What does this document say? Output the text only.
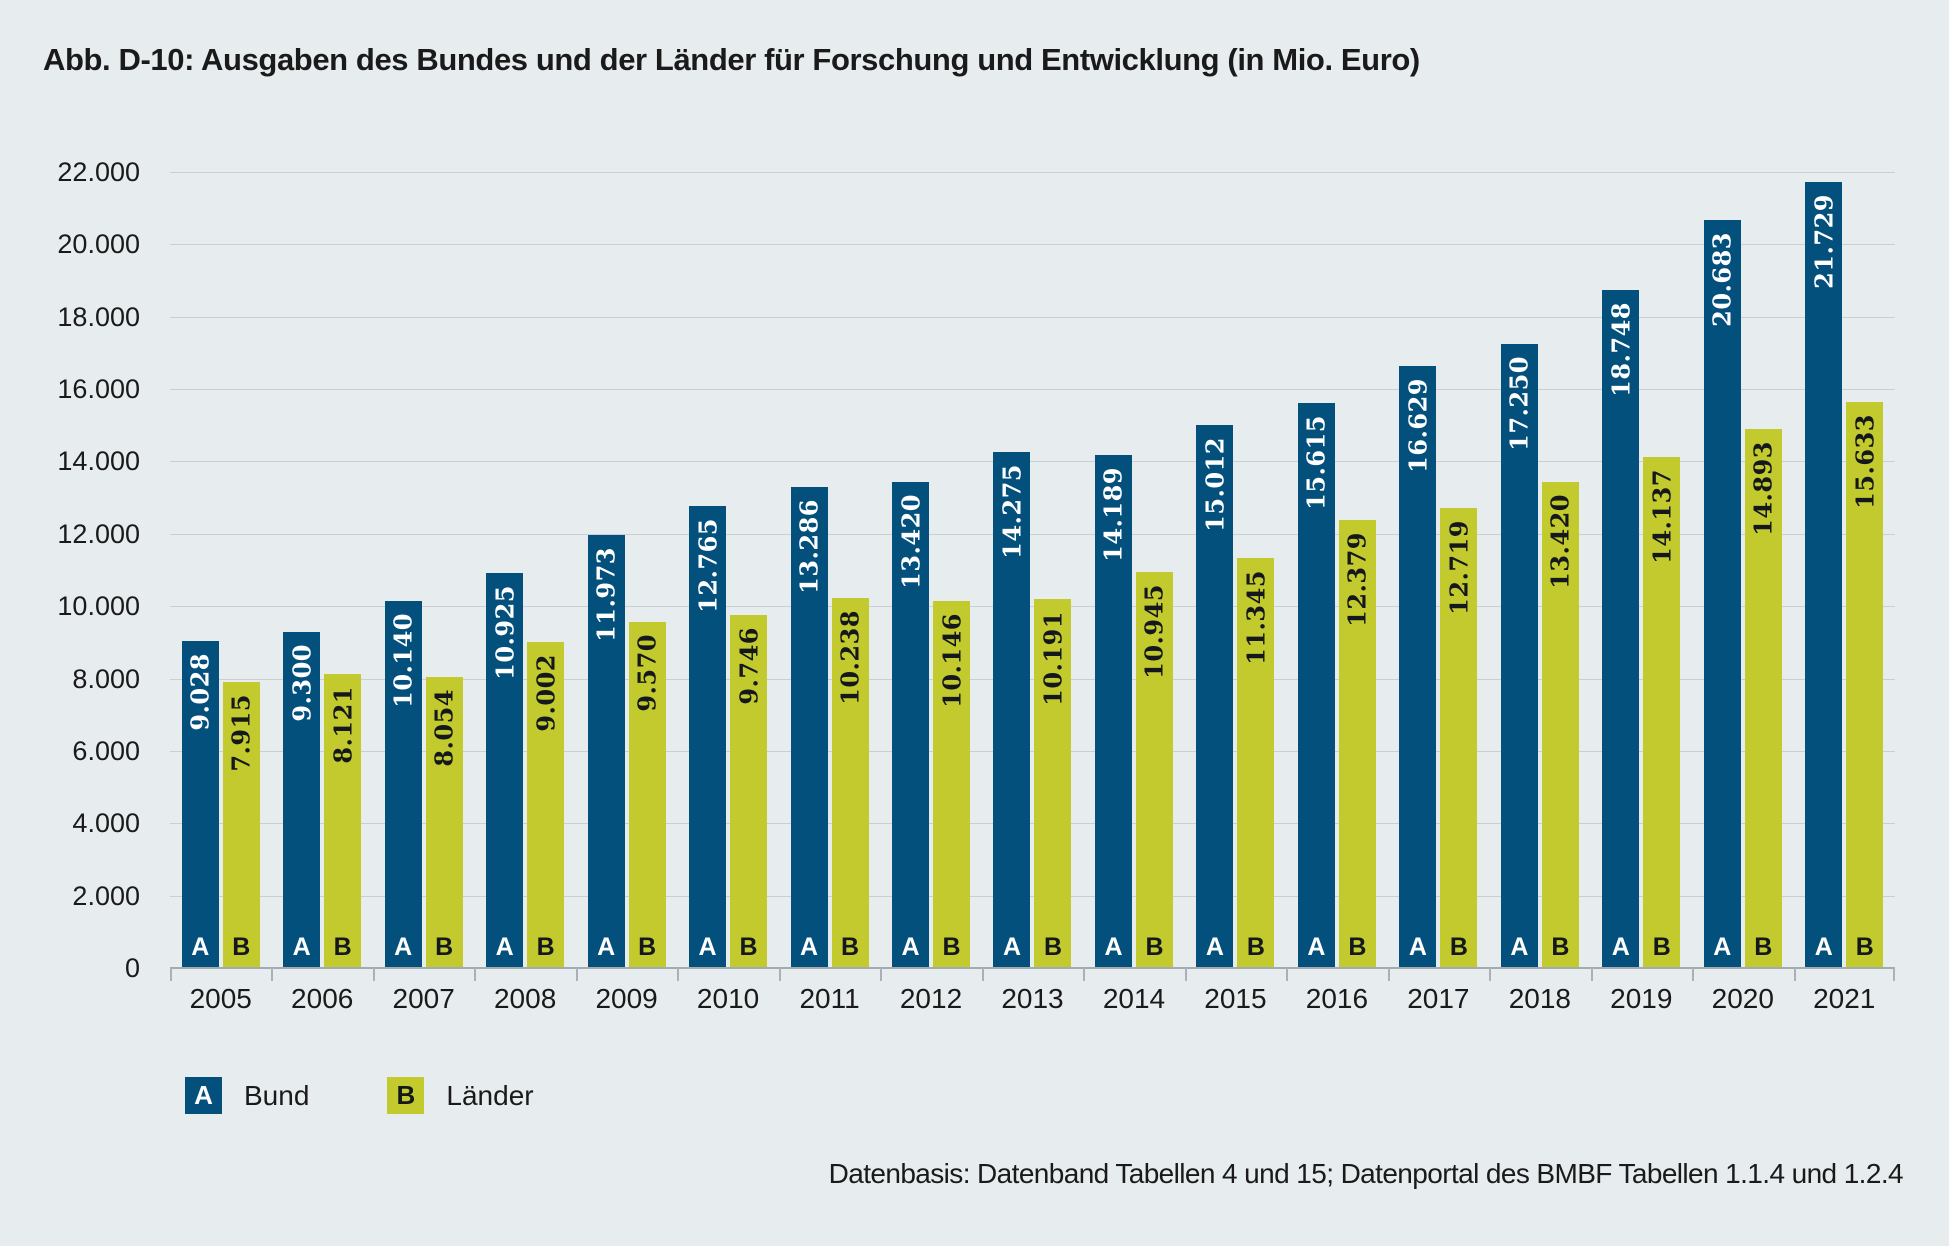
Abb. D-10: Ausgaben des Bundes und der Länder für Forschung und Entwicklung (in Mio. Euro)
0
2.000
4.000
6.000
8.000
10.000
12.000
14.000
16.000
18.000
20.000
22.000
9.028
A
7.915
B
9.300
A
8.121
B
10.140
A
8.054
B
10.925
A
9.002
B
11.973
A
9.570
B
12.765
A
9.746
B
13.286
A
10.238
B
13.420
A
10.146
B
14.275
A
10.191
B
14.189
A
10.945
B
15.012
A
11.345
B
15.615
A
12.379
B
16.629
A
12.719
B
17.250
A
13.420
B
18.748
A
14.137
B
20.683
A
14.893
B
21.729
A
15.633
B
2005	2006	2007	2008	2009	2010	2011	2012	2013	2014	2015	2016	2017	2018	2019	2020	2021
A	Bund	B	Länder
Datenbasis: Datenband Tabellen 4 und 15; Datenportal des BMBF Tabellen 1.1.4 und 1.2.4
